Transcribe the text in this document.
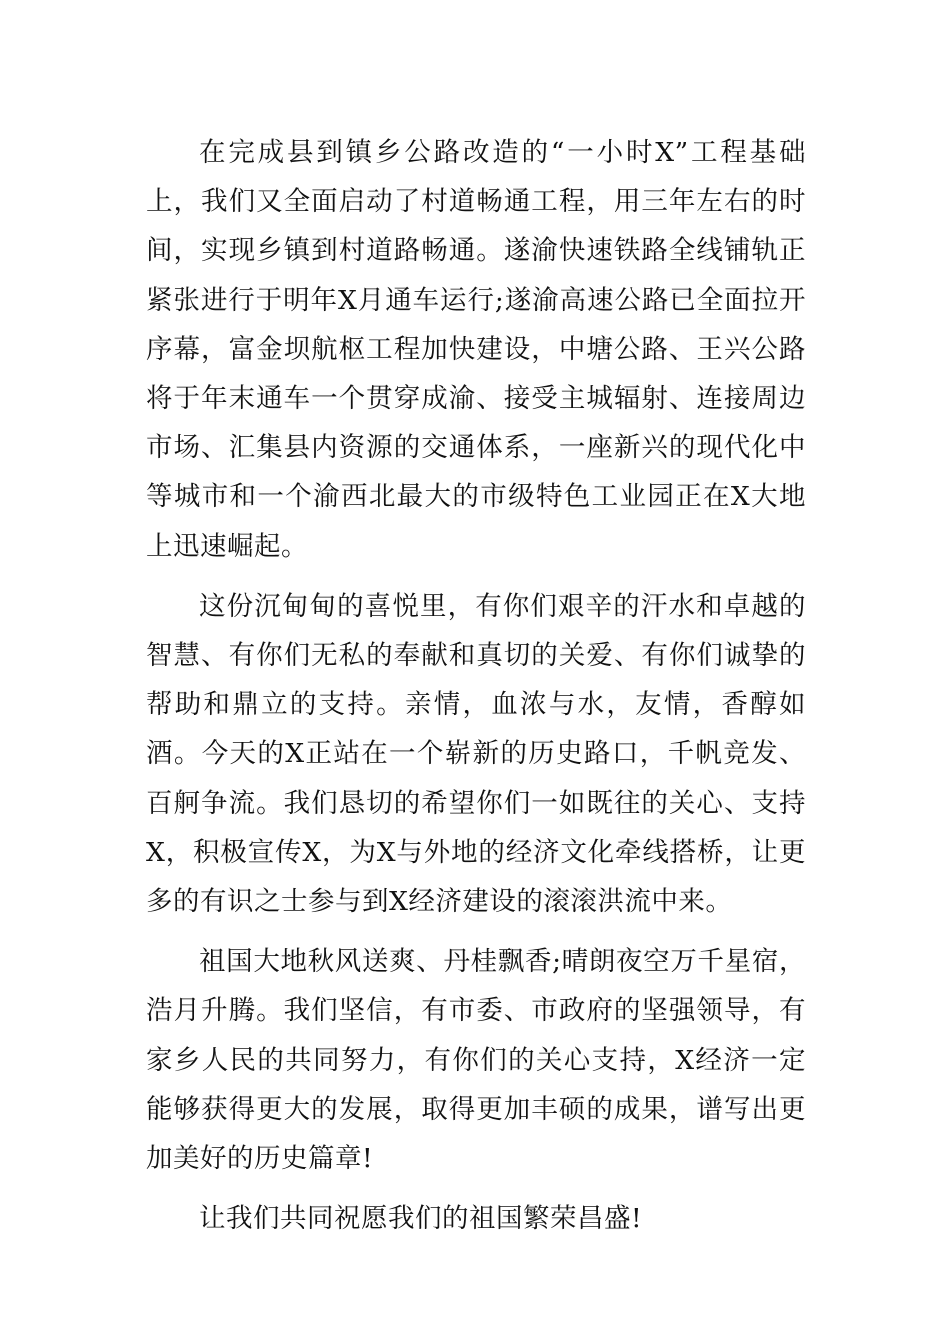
在完成县到镇乡公路改造的“一小时X”工程基础上，我们又全面启动了村道畅通工程，用三年左右的时间，实现乡镇到村道路畅通。遂渝快速铁路全线铺轨正紧张进行于明年X月通车运行;遂渝高速公路已全面拉开序幕，富金坝航枢工程加快建设，中塘公路、王兴公路将于年末通车一个贯穿成渝、接受主城辐射、连接周边市场、汇集县内资源的交通体系，一座新兴的现代化中等城市和一个渝西北最大的市级特色工业园正在X大地上迅速崛起。

这份沉甸甸的喜悦里，有你们艰辛的汗水和卓越的智慧、有你们无私的奉献和真切的关爱、有你们诚挚的帮助和鼎立的支持。亲情，血浓与水，友情，香醇如酒。今天的X正站在一个崭新的历史路口，千帆竞发、百舸争流。我们恳切的希望你们一如既往的关心、支持X，积极宣传X，为X与外地的经济文化牵线搭桥，让更多的有识之士参与到X经济建设的滚滚洪流中来。

祖国大地秋风送爽、丹桂飘香;晴朗夜空万千星宿，浩月升腾。我们坚信，有市委、市政府的坚强领导，有家乡人民的共同努力，有你们的关心支持，X经济一定能够获得更大的发展，取得更加丰硕的成果，谱写出更加美好的历史篇章!

让我们共同祝愿我们的祖国繁荣昌盛!
